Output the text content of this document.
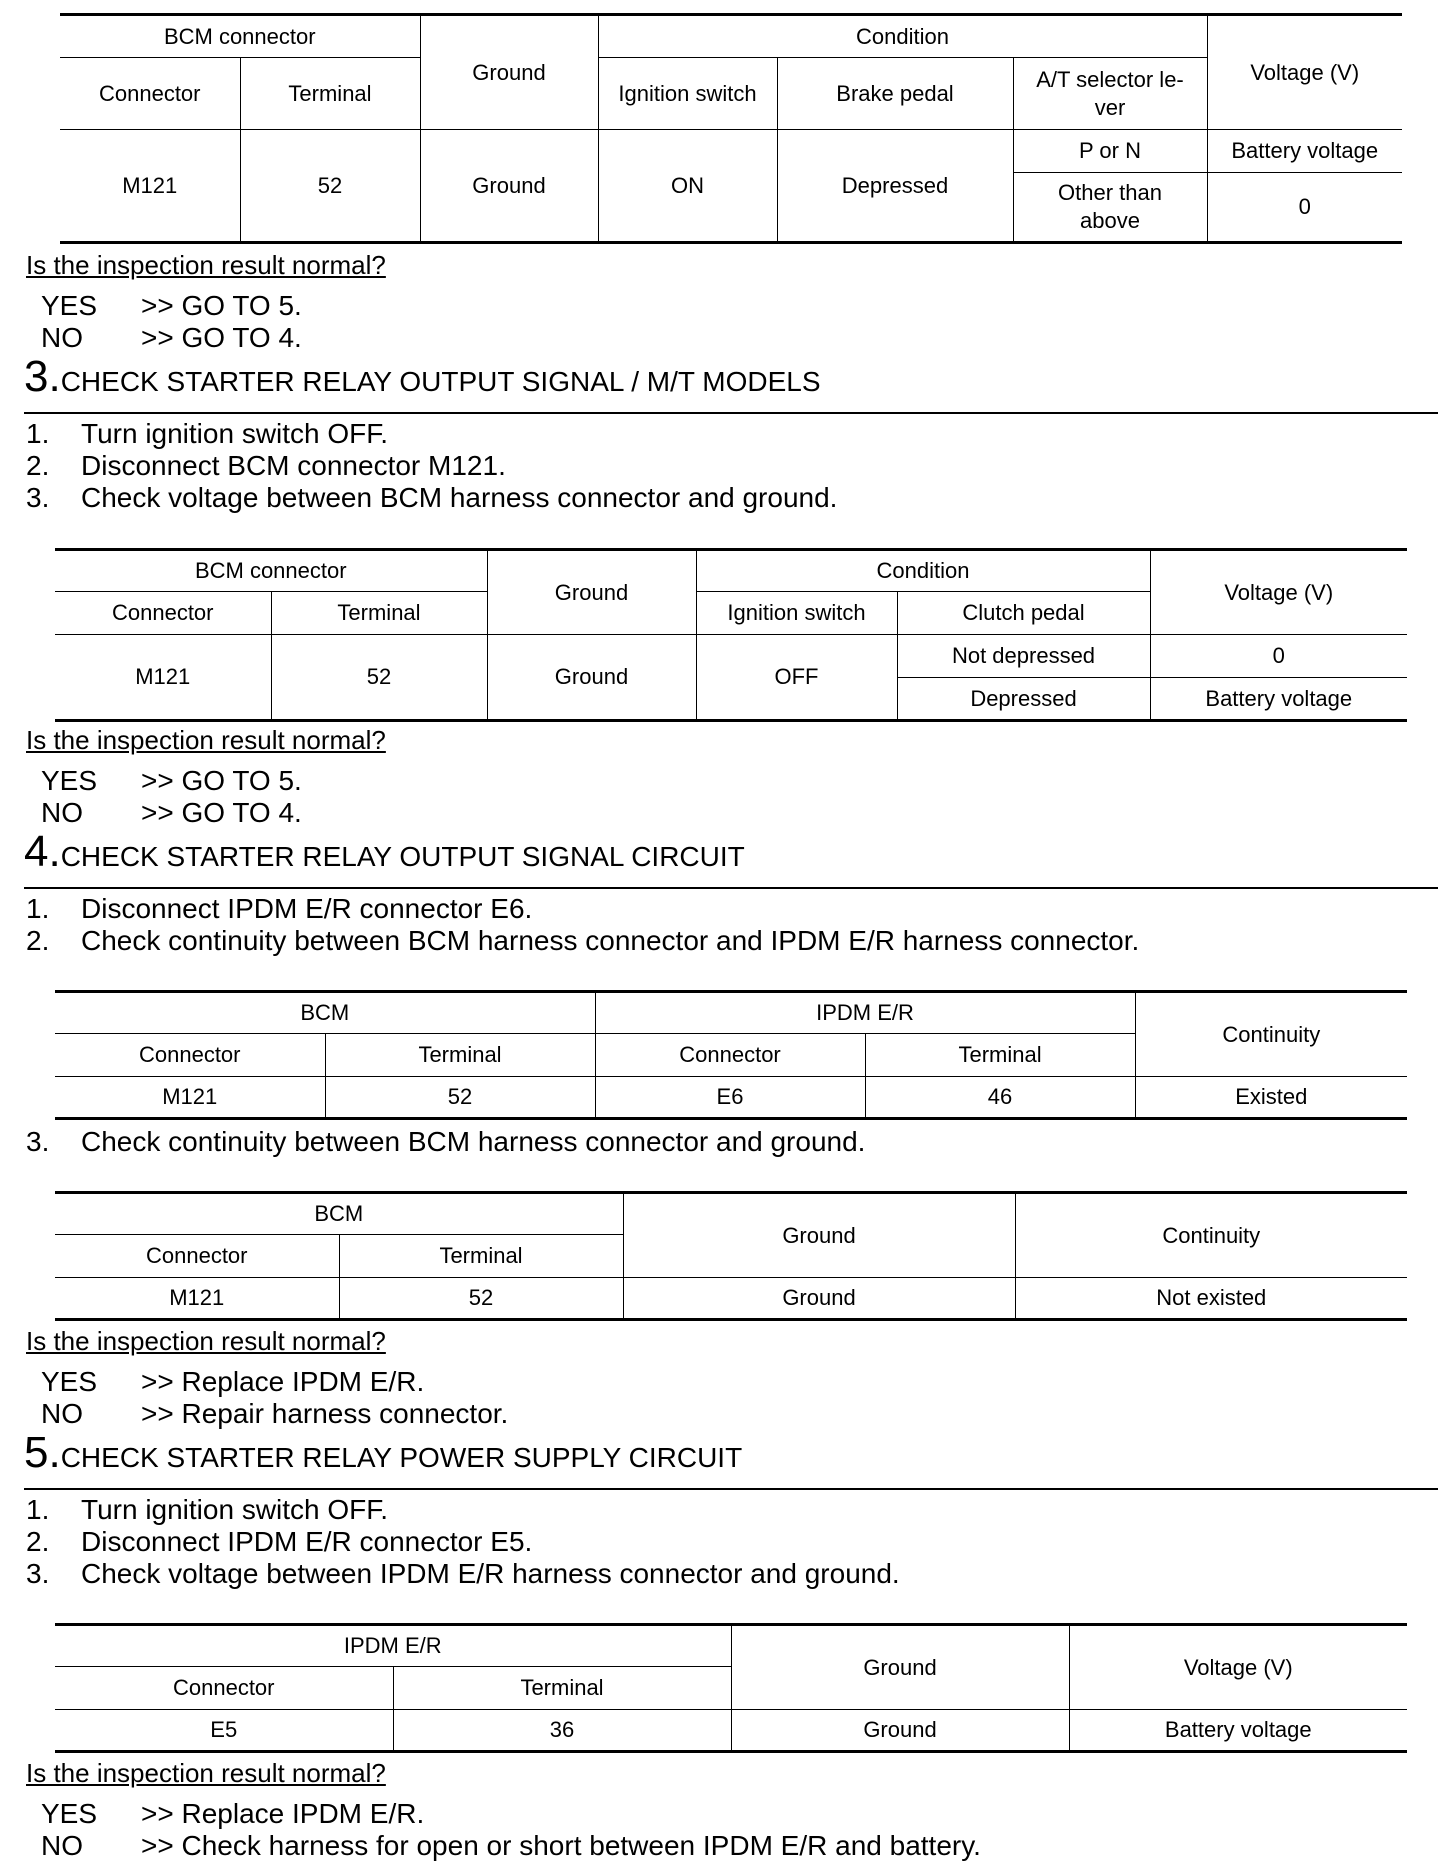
BCM connector		Ground	Condition			Voltage (V)
Connector	Terminal		Ignition switch	Brake pedal	A/T selector le-ver	
M121	52	Ground	ON	Depressed	P or N	Battery voltage
					Other than above	0
Is the inspection result normal?
YES >> GO TO 5.
NO >> GO TO 4.
3.CHECK STARTER RELAY OUTPUT SIGNAL / M/T MODELS
1. Turn ignition switch OFF.
2. Disconnect BCM connector M121.
3. Check voltage between BCM harness connector and ground.
BCM connector		Ground	Condition		Voltage (V)
Connector	Terminal		Ignition switch	Clutch pedal	
M121	52	Ground	OFF	Not depressed	0
				Depressed	Battery voltage
Is the inspection result normal?
YES >> GO TO 5.
NO >> GO TO 4.
4.CHECK STARTER RELAY OUTPUT SIGNAL CIRCUIT
1. Disconnect IPDM E/R connector E6.
2. Check continuity between BCM harness connector and IPDM E/R harness connector.
BCM		IPDM E/R		Continuity
Connector	Terminal	Connector	Terminal	
M121	52	E6	46	Existed
3. Check continuity between BCM harness connector and ground.
BCM		Ground	Continuity
Connector	Terminal		
M121	52	Ground	Not existed
Is the inspection result normal?
YES >> Replace IPDM E/R.
NO >> Repair harness connector.
5.CHECK STARTER RELAY POWER SUPPLY CIRCUIT
1. Turn ignition switch OFF.
2. Disconnect IPDM E/R connector E5.
3. Check voltage between IPDM E/R harness connector and ground.
IPDM E/R		Ground	Voltage (V)
Connector	Terminal		
E5	36	Ground	Battery voltage
Is the inspection result normal?
YES >> Replace IPDM E/R.
NO >> Check harness for open or short between IPDM E/R and battery.
